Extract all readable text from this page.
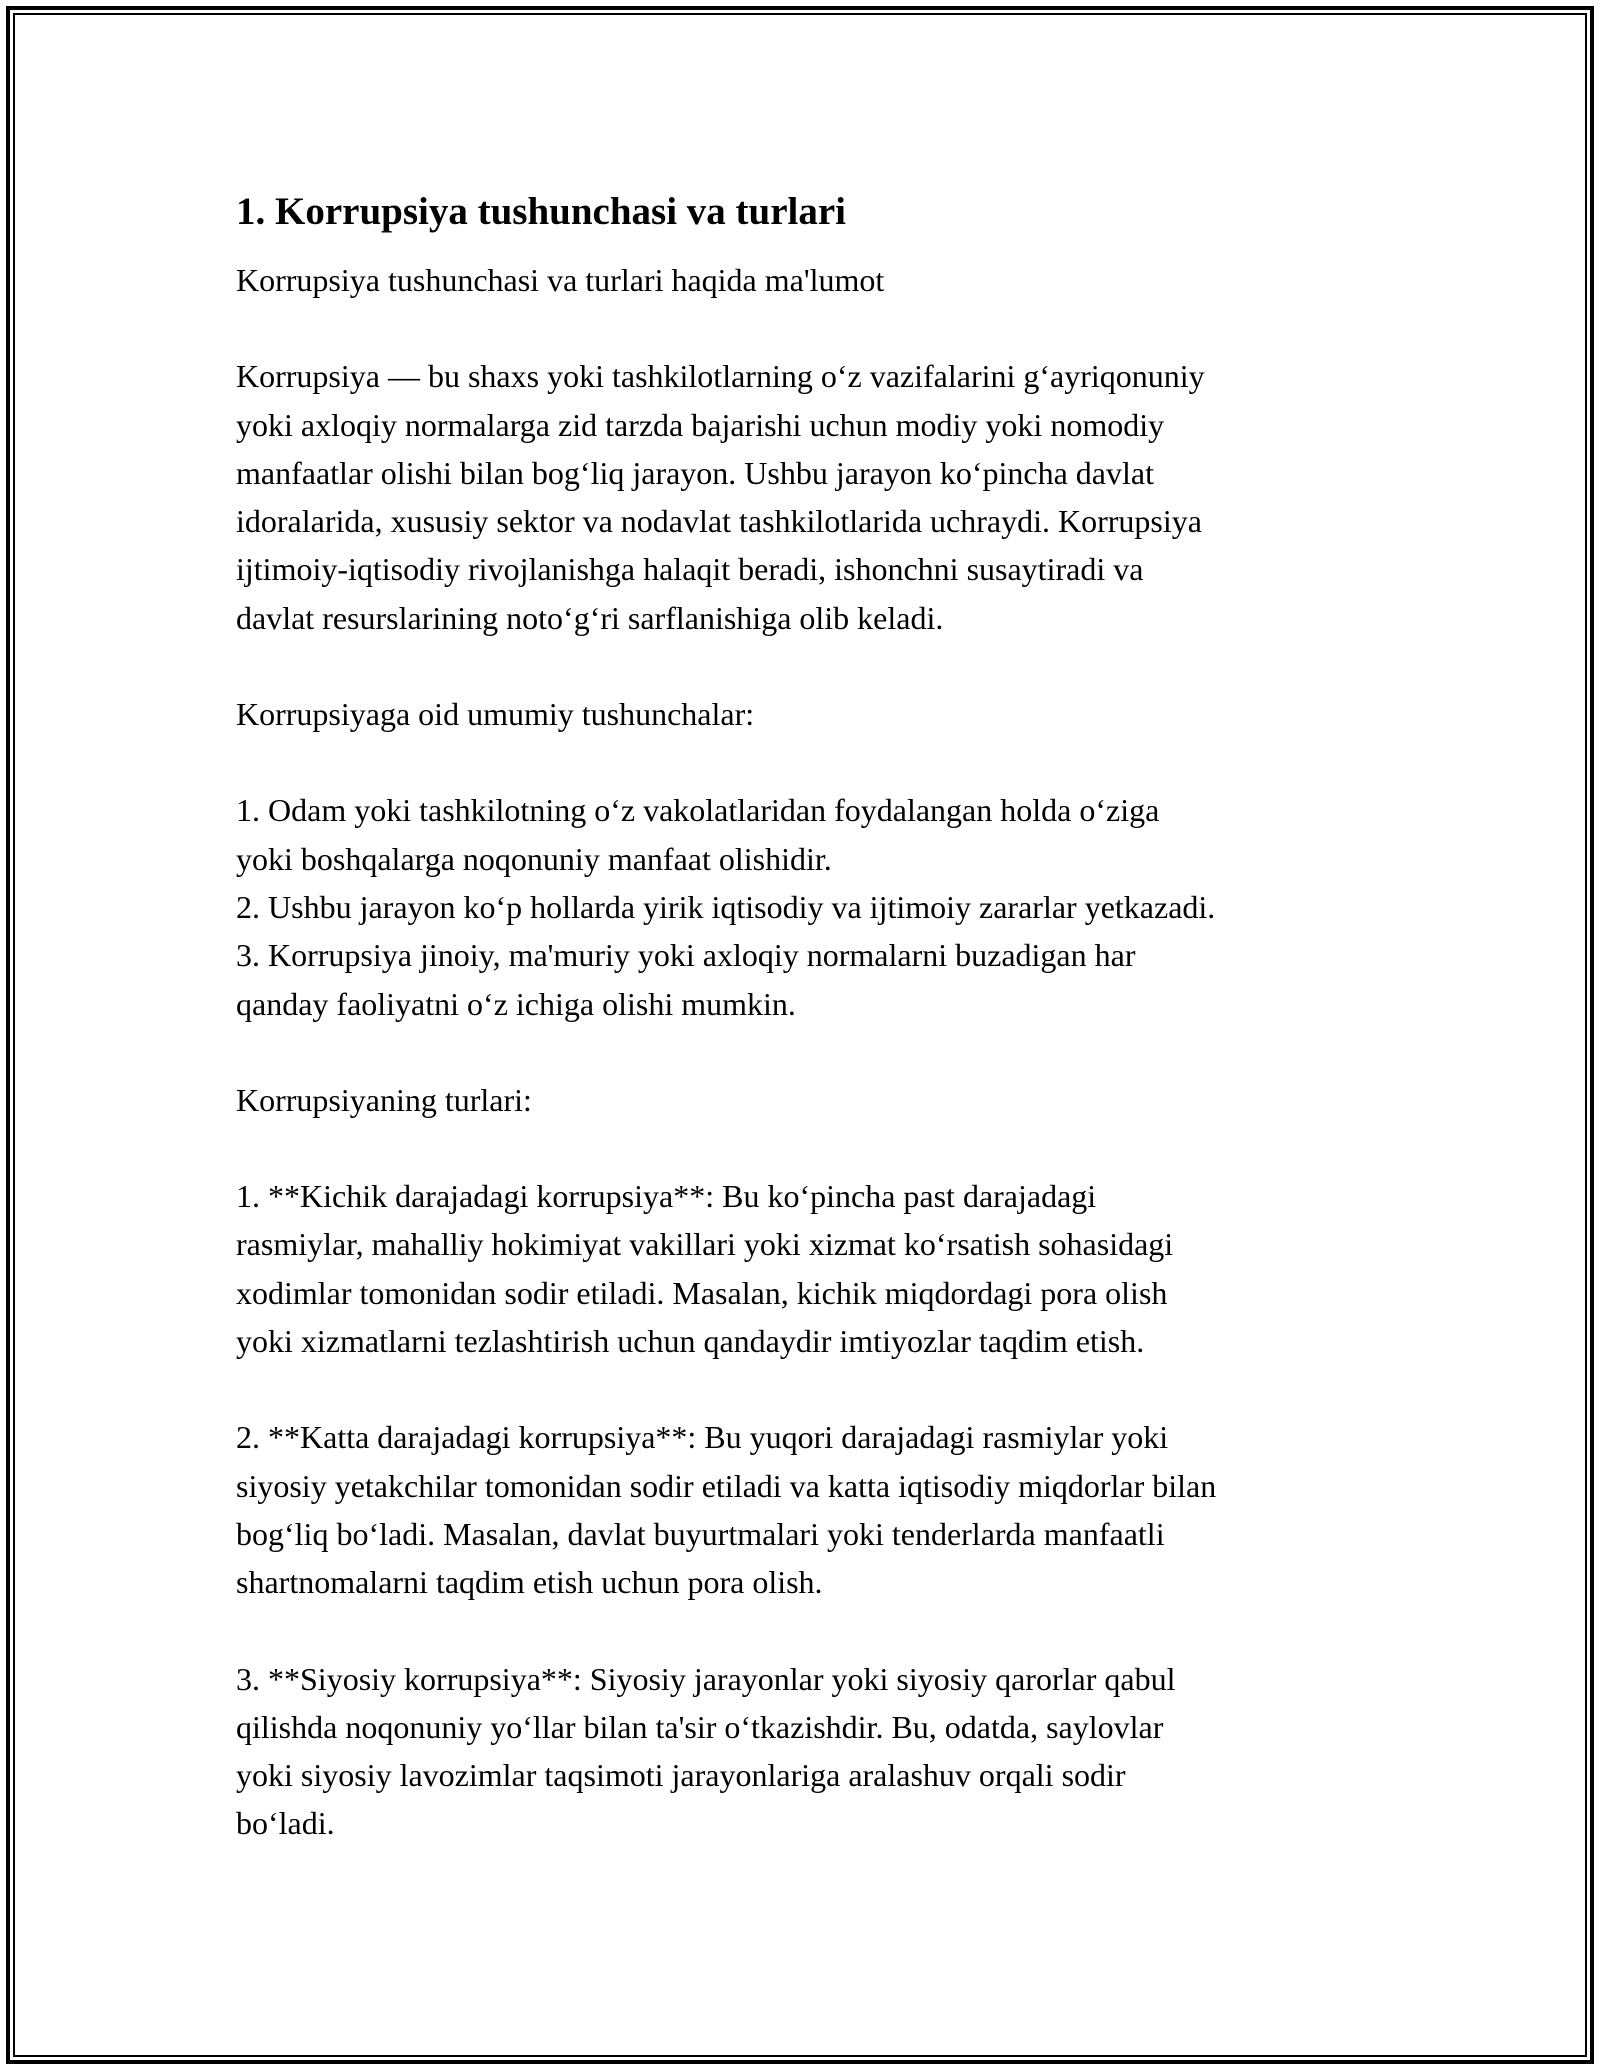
1. Korrupsiya tushunchasi va turlari
Korrupsiya tushunchasi va turlari haqida ma'lumot
Korrupsiya — bu shaxs yoki tashkilotlarning o‘z vazifalarini g‘ayriqonuniy
yoki axloqiy normalarga zid tarzda bajarishi uchun modiy yoki nomodiy
manfaatlar olishi bilan bog‘liq jarayon. Ushbu jarayon ko‘pincha davlat
idoralarida, xususiy sektor va nodavlat tashkilotlarida uchraydi. Korrupsiya
ijtimoiy-iqtisodiy rivojlanishga halaqit beradi, ishonchni susaytiradi va
davlat resurslarining noto‘g‘ri sarflanishiga olib keladi.
Korrupsiyaga oid umumiy tushunchalar:
1. Odam yoki tashkilotning o‘z vakolatlaridan foydalangan holda o‘ziga
yoki boshqalarga noqonuniy manfaat olishidir.
2. Ushbu jarayon ko‘p hollarda yirik iqtisodiy va ijtimoiy zararlar yetkazadi.
3. Korrupsiya jinoiy, ma'muriy yoki axloqiy normalarni buzadigan har
qanday faoliyatni o‘z ichiga olishi mumkin.
Korrupsiyaning turlari:
1. **Kichik darajadagi korrupsiya**: Bu ko‘pincha past darajadagi
rasmiylar, mahalliy hokimiyat vakillari yoki xizmat ko‘rsatish sohasidagi
xodimlar tomonidan sodir etiladi. Masalan, kichik miqdordagi pora olish
yoki xizmatlarni tezlashtirish uchun qandaydir imtiyozlar taqdim etish.
2. **Katta darajadagi korrupsiya**: Bu yuqori darajadagi rasmiylar yoki
siyosiy yetakchilar tomonidan sodir etiladi va katta iqtisodiy miqdorlar bilan
bog‘liq bo‘ladi. Masalan, davlat buyurtmalari yoki tenderlarda manfaatli
shartnomalarni taqdim etish uchun pora olish.
3. **Siyosiy korrupsiya**: Siyosiy jarayonlar yoki siyosiy qarorlar qabul
qilishda noqonuniy yo‘llar bilan ta'sir o‘tkazishdir. Bu, odatda, saylovlar
yoki siyosiy lavozimlar taqsimoti jarayonlariga aralashuv orqali sodir
bo‘ladi.
